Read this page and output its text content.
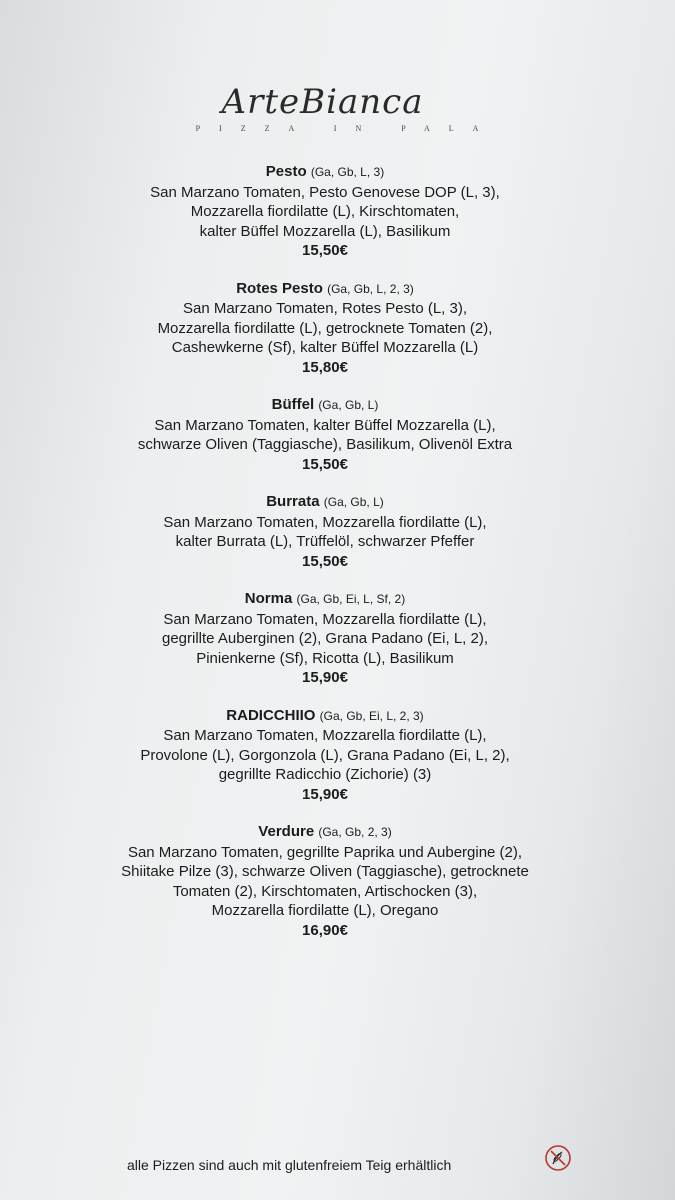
ArteBianca
PIZZA IN PALA
Pesto (Ga, Gb, L, 3)
San Marzano Tomaten, Pesto Genovese DOP (L, 3),
Mozzarella fiordilatte (L), Kirschtomaten,
kalter Büffel Mozzarella (L), Basilikum
15,50€
Rotes Pesto (Ga, Gb, L, 2, 3)
San Marzano Tomaten, Rotes Pesto (L, 3),
Mozzarella fiordilatte (L), getrocknete Tomaten (2),
Cashewkerne (Sf), kalter Büffel Mozzarella (L)
15,80€
Büffel (Ga, Gb, L)
San Marzano Tomaten, kalter Büffel Mozzarella (L),
schwarze Oliven (Taggiasche), Basilikum, Olivenöl Extra
15,50€
Burrata (Ga, Gb, L)
San Marzano Tomaten, Mozzarella fiordilatte (L),
kalter Burrata (L), Trüffelöl, schwarzer Pfeffer
15,50€
Norma (Ga, Gb, Ei, L, Sf, 2)
San Marzano Tomaten, Mozzarella fiordilatte (L),
gegrillte Auberginen (2), Grana Padano (Ei, L, 2),
Pinienkerne (Sf), Ricotta (L), Basilikum
15,90€
RADICCHIIO (Ga, Gb, Ei, L, 2, 3)
San Marzano Tomaten, Mozzarella fiordilatte (L),
Provolone (L), Gorgonzola (L), Grana Padano (Ei, L, 2),
gegrillte Radicchio (Zichorie) (3)
15,90€
Verdure (Ga, Gb, 2, 3)
San Marzano Tomaten, gegrillte Paprika und Aubergine (2),
Shiitake Pilze (3), schwarze Oliven (Taggiasche), getrocknete
Tomaten (2), Kirschtomaten, Artischocken (3),
Mozzarella fiordilatte (L), Oregano
16,90€
alle Pizzen sind auch mit glutenfreiem Teig erhältlich
